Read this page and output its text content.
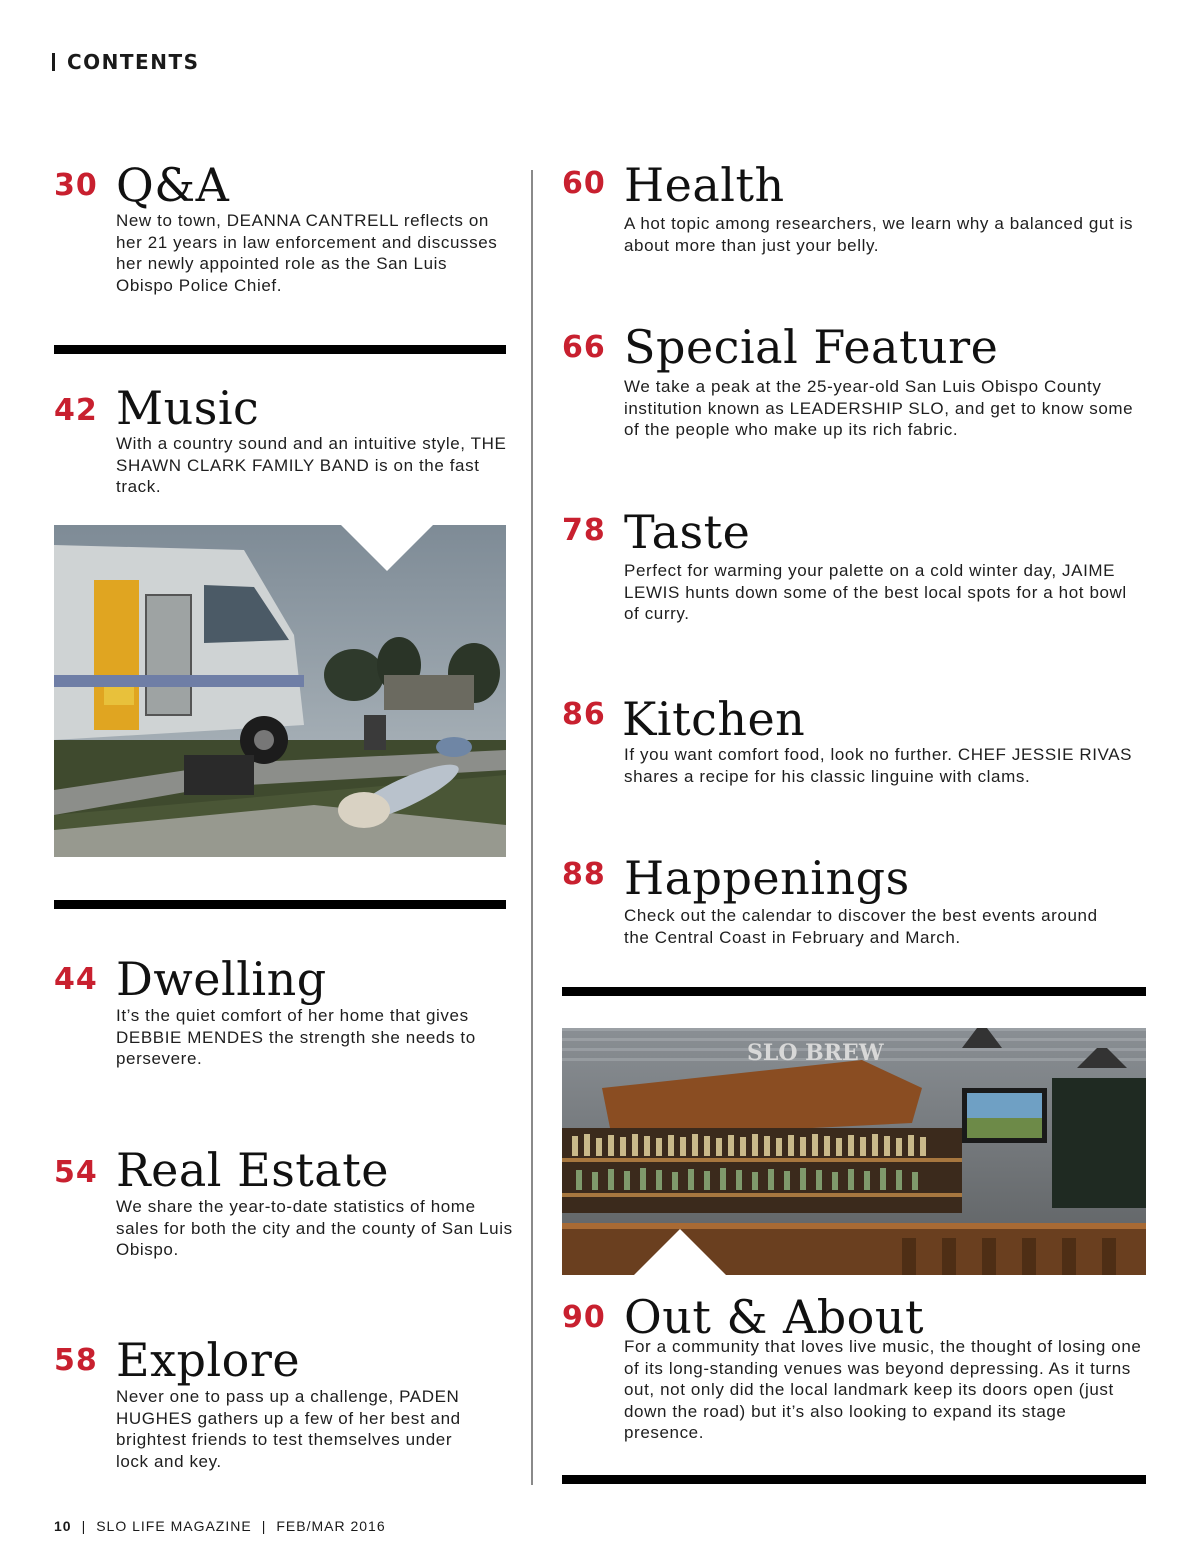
CONTENTS
30 Q&A
New to town, DEANNA CANTRELL reflects on her 21 years in law enforcement and discusses her newly appointed role as the San Luis Obispo Police Chief.
42 Music
With a country sound and an intuitive style, THE SHAWN CLARK FAMILY BAND is on the fast track.
44 Dwelling
It’s the quiet comfort of her home that gives DEBBIE MENDES the strength she needs to persevere.
54 Real Estate
We share the year-to-date statistics of home sales for both the city and the county of San Luis Obispo.
58 Explore
Never one to pass up a challenge, PADEN HUGHES gathers up a few of her best and brightest friends to test themselves under lock and key.
60 Health
A hot topic among researchers, we learn why a balanced gut is about more than just your belly.
66 Special Feature
We take a peak at the 25-year-old San Luis Obispo County institution known as LEADERSHIP SLO, and get to know some of the people who make up its rich fabric.
78 Taste
Perfect for warming your palette on a cold winter day, JAIME LEWIS hunts down some of the best local spots for a hot bowl of curry.
86 Kitchen
If you want comfort food, look no further. CHEF JESSIE RIVAS shares a recipe for his classic linguine with clams.
88 Happenings
Check out the calendar to discover the best events around the Central Coast in February and March.
SLO BREW
90 Out & About
For a community that loves live music, the thought of losing one of its long-standing venues was beyond depressing. As it turns out, not only did the local landmark keep its doors open (just down the road) but it’s also looking to expand its stage presence.
10 | SLO LIFE MAGAZINE | FEB/MAR 2016
